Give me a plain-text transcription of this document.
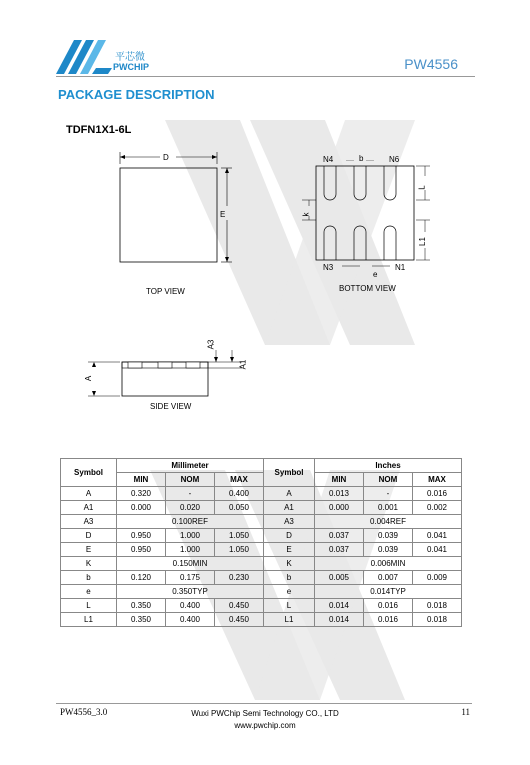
平芯微
PWCHIP	PW4556
PACKAGE DESCRIPTION
TDFN1X1-6L
D
E
TOP VIEW
N4	b	N6
L
k
L1
N3
e
N1
BOTTOM VIEW
A3
A1
A
SIDE VIEW
Symbol	Millimeter			Symbol	Inches		
	MIN	NOM	MAX		MIN	NOM	MAX
A	0.320	-	0.400	A	0.013	-	0.016
A1	0.000	0.020	0.050	A1	0.000	0.001	0.002
A3	0.100REF			A3	0.004REF		
D	0.950	1.000	1.050	D	0.037	0.039	0.041
E	0.950	1.000	1.050	E	0.037	0.039	0.041
K	0.150MIN			K	0.006MIN		
b	0.120	0.175	0.230	b	0.005	0.007	0.009
e	0.350TYP			e	0.014TYP		
L	0.350	0.400	0.450	L	0.014	0.016	0.018
L1	0.350	0.400	0.450	L1	0.014	0.016	0.018
PW4556_3.0	Wuxi PWChip Semi Technology CO., LTD
www.pwchip.com
11
